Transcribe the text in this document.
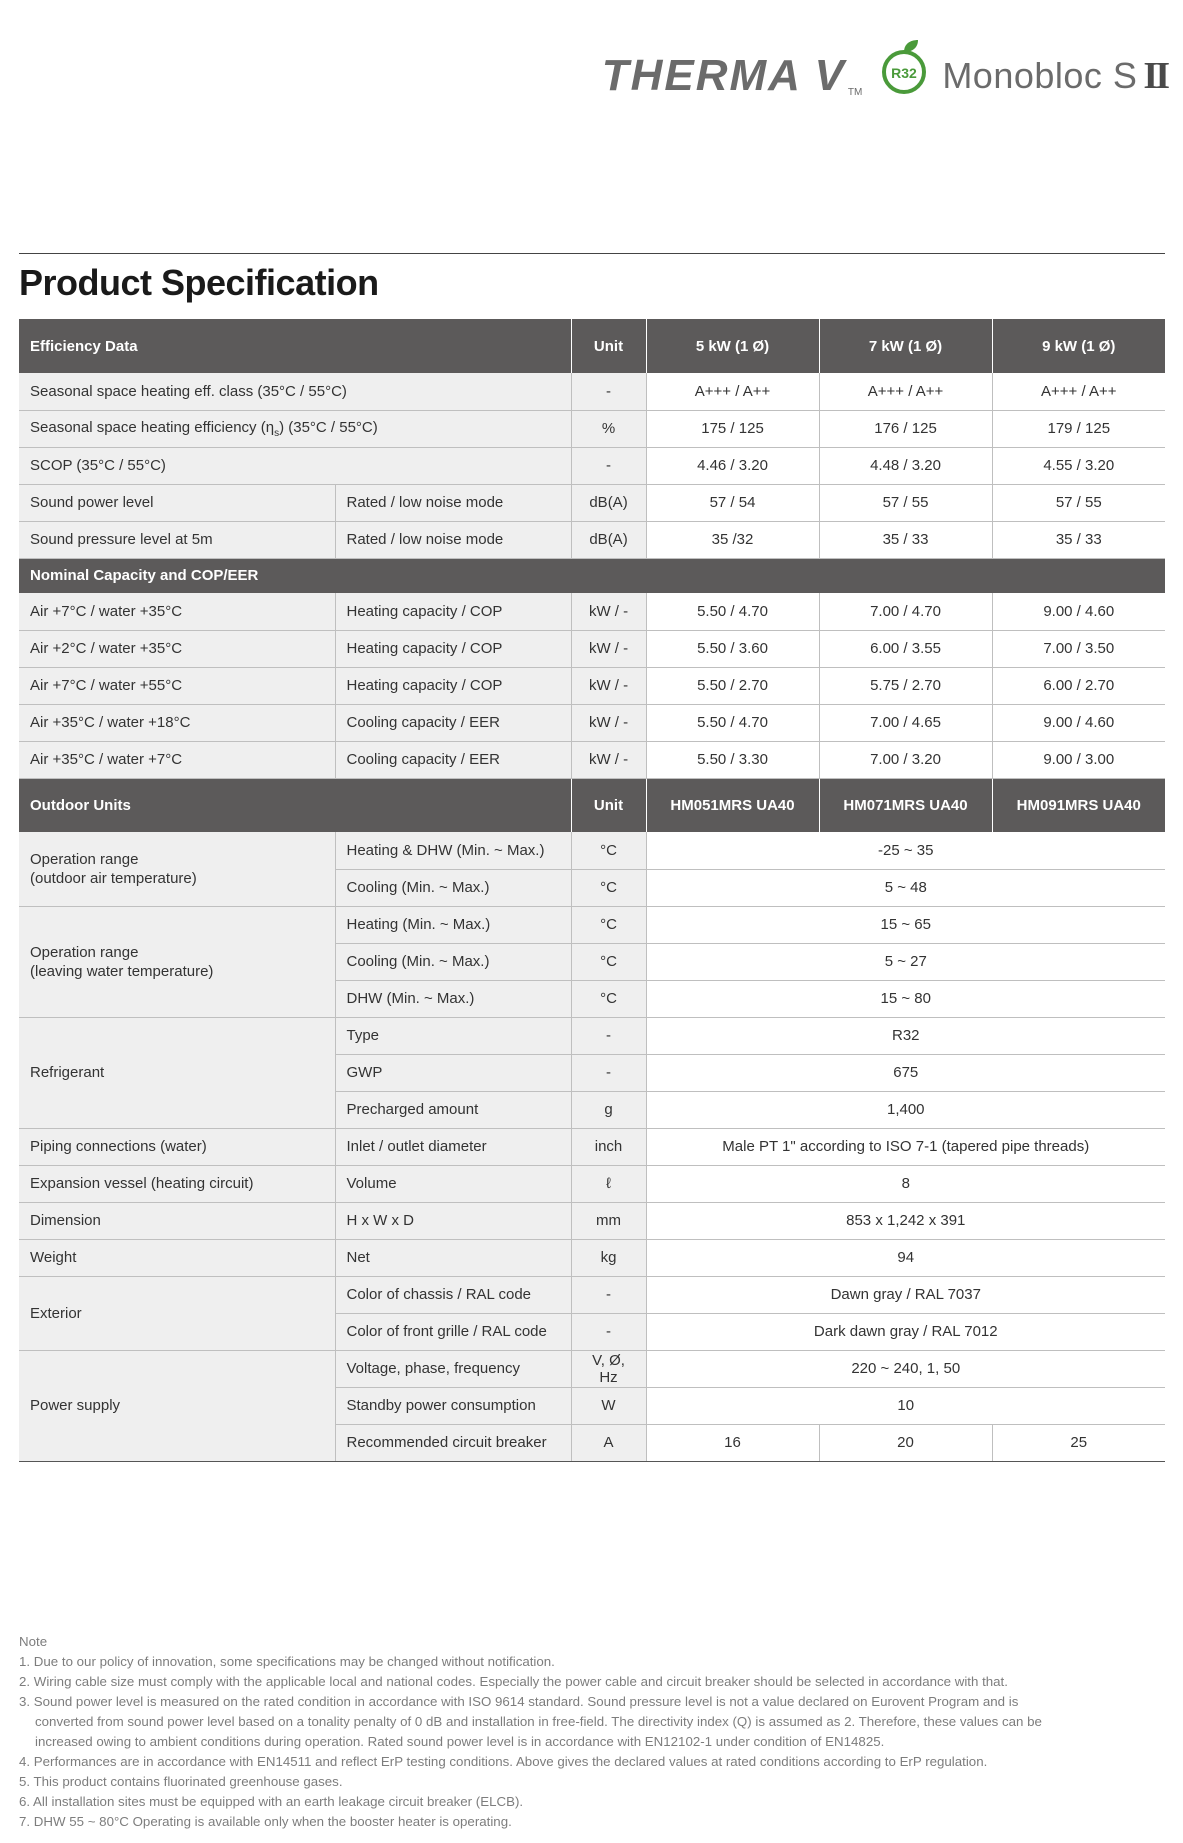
THERMA V TM
R32 Monobloc S II
Product Specification
Efficiency Data		Unit	5 kW (1 Ø)	7 kW (1 Ø)	9 kW (1 Ø)
Seasonal space heating eff. class (35°C / 55°C)		-	A+++ / A++	A+++ / A++	A+++ / A++
Seasonal space heating efficiency $(\eta_s)$ (35°C / 55°C)		%	175 / 125	176 / 125	179 / 125
SCOP (35°C / 55°C)		-	4.46 / 3.20	4.48 / 3.20	4.55 / 3.20
Sound power level	Rated / low noise mode	dB(A)	57 / 54	57 / 55	57 / 55
Sound pressure level at 5m	Rated / low noise mode	dB(A)	35 /32	35 / 33	35 / 33
Nominal Capacity and COP/EER					
Air +7°C / water +35°C	Heating capacity / COP	kW / -	5.50 / 4.70	7.00 / 4.70	9.00 / 4.60
Air +2°C / water +35°C	Heating capacity / COP	kW / -	5.50 / 3.60	6.00 / 3.55	7.00 / 3.50
Air +7°C / water +55°C	Heating capacity / COP	kW / -	5.50 / 2.70	5.75 / 2.70	6.00 / 2.70
Air +35°C / water +18°C	Cooling capacity / EER	kW / -	5.50 / 4.70	7.00 / 4.65	9.00 / 4.60
Air +35°C / water +7°C	Cooling capacity / EER	kW / -	5.50 / 3.30	7.00 / 3.20	9.00 / 3.00
Outdoor Units		Unit	HM051MRS UA40	HM071MRS UA40	HM091MRS UA40
Operation range
(outdoor air temperature)	Heating & DHW (Min. ~ Max.)	°C	-25 ~ 35		
	Cooling (Min. ~ Max.)	°C	5 ~ 48		
Operation range
(leaving water temperature)	Heating (Min. ~ Max.)	°C	15 ~ 65		
	Cooling (Min. ~ Max.)	°C	5 ~ 27		
	DHW (Min. ~ Max.)	°C	15 ~ 80		
Refrigerant	Type	-	R32		
	GWP	-	675		
	Precharged amount	g	1,400		
Piping connections (water)	Inlet / outlet diameter	inch	Male PT 1" according to ISO 7-1 (tapered pipe threads)		
Expansion vessel (heating circuit)	Volume	ℓ	8		
Dimension	H x W x D	mm	853 x 1,242 x 391		
Weight	Net	kg	94		
Exterior	Color of chassis / RAL code	-	Dawn gray / RAL 7037		
	Color of front grille / RAL code	-	Dark dawn gray / RAL 7012		
Power supply	Voltage, phase, frequency	V, Ø, Hz	220 ~ 240, 1, 50		
	Standby power consumption	W	10		
	Recommended circuit breaker	A	16	20	25
Note
1. Due to our policy of innovation, some specifications may be changed without notification.
2. Wiring cable size must comply with the applicable local and national codes. Especially the power cable and circuit breaker should be selected in accordance with that.
3. Sound power level is measured on the rated condition in accordance with ISO 9614 standard. Sound pressure level is not a value declared on Eurovent Program and is
converted from sound power level based on a tonality penalty of 0 dB and installation in free-field. The directivity index (Q) is assumed as 2. Therefore, these values can be
increased owing to ambient conditions during operation. Rated sound power level is in accordance with EN12102-1 under condition of EN14825.
4. Performances are in accordance with EN14511 and reflect ErP testing conditions. Above gives the declared values at rated conditions according to ErP regulation.
5. This product contains fluorinated greenhouse gases.
6. All installation sites must be equipped with an earth leakage circuit breaker (ELCB).
7. DHW 55 ~ 80°C Operating is available only when the booster heater is operating.
